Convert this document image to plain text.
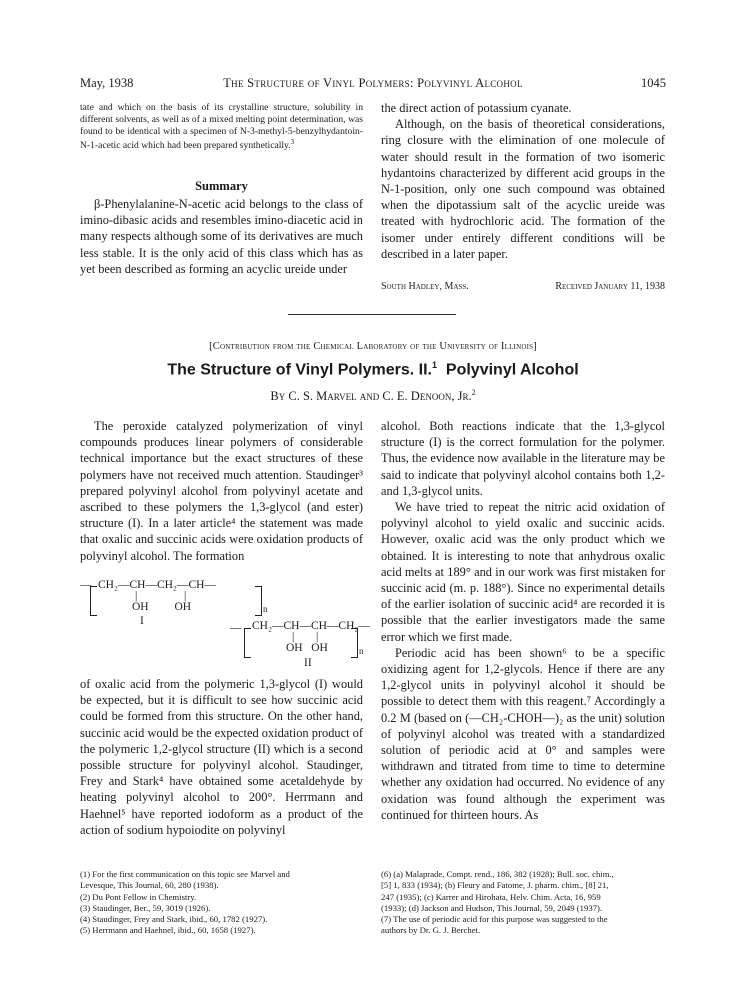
May, 1938	The Structure of Vinyl Polymers: Polyvinyl Alcohol	1045
tate and which on the basis of its crystalline structure, solubility in different solvents, as well as of a mixed melting point determination, was found to be identical with a specimen of N-3-methyl-5-benzylhydantoin-N-1-acetic acid which had been prepared synthetically.$^3$
Summary
β-Phenylalanine-N-acetic acid belongs to the class of imino-dibasic acids and resembles imino-diacetic acid in many respects although some of its derivatives are much less stable. It is the only acid of this class which has as yet been described as forming an acyclic ureide under

the direct action of potassium cyanate.

Although, on the basis of theoretical considerations, ring closure with the elimination of one molecule of water should result in the formation of two isomeric hydantoins characterized by different acid groups in the N-1-position, only one such compound was obtained when the dipotassium salt of the acyclic ureide was treated with hydrochloric acid. The formation of the isomer under entirely different conditions will be described in a later paper.

South Hadley, Mass.	Received January 11, 1938
[Contribution from the Chemical Laboratory of the University of Illinois]
The Structure of Vinyl Polymers. II.$^1$ Polyvinyl Alcohol
By C. S. Marvel and C. E. Denoon, Jr.$^2$
The peroxide catalyzed polymerization of vinyl compounds produces linear polymers of considerable technical importance but the exact structures of these polymers have not received much attention. Staudinger³ prepared polyvinyl alcohol from polyvinyl acetate and ascribed to these polymers the 1,3-glycol (and ester) structure (I). In a later article⁴ the statement was made that oxalic and succinic acids were oxidation products of polyvinyl alcohol. The formation
— CH₂—CH—CH₂—CH—
|	|
OH         OH	n
I
— CH₂—CH—CH—CH₂—
| |
OH   OH	n
II
of oxalic acid from the polymeric 1,3-glycol (I) would be expected, but it is difficult to see how succinic acid could be formed from this structure. On the other hand, succinic acid would be the expected oxidation product of the polymeric 1,2-glycol structure (II) which is a second possible structure for polyvinyl alcohol. Staudinger, Frey and Stark⁴ have obtained some acetaldehyde by heating polyvinyl alcohol to 200°. Herrmann and Haehnel⁵ have reported iodoform as a product of the action of sodium hypoiodite on polyvinyl

alcohol. Both reactions indicate that the 1,3-glycol structure (I) is the correct formulation for the polymer. Thus, the evidence now available in the literature may be said to indicate that polyvinyl alcohol contains both 1,2- and 1,3-glycol units.

We have tried to repeat the nitric acid oxidation of polyvinyl alcohol to yield oxalic and succinic acids. However, oxalic acid was the only product which we obtained. It is interesting to note that anhydrous oxalic acid melts at 189° and in our work was first mistaken for succinic acid (m. p. 188°). Since no experimental details of the earlier isolation of succinic acid⁴ are recorded it is possible that the earlier investigators made the same error which we first made.

Periodic acid has been shown⁶ to be a specific oxidizing agent for 1,2-glycols. Hence if there are any 1,2-glycol units in polyvinyl alcohol it should be possible to detect them with this reagent.⁷ Accordingly a 0.2 M (based on (—CH₂-CHOH—)₂ as the unit) solution of polyvinyl alcohol was treated with a standardized solution of periodic acid at 0° and samples were withdrawn and titrated from time to time to determine whether any oxidation had occurred. No evidence of any oxidation was found although the experiment was continued for thirteen hours. As

(1) For the first communication on this topic see Marvel and
Levesque, This Journal, 60, 280 (1938).
(2) Du Pont Fellow in Chemistry.
(3) Staudinger, Ber., 59, 3019 (1926).
(4) Staudinger, Frey and Stark, ibid., 60, 1782 (1927).
(5) Herrmann and Haehnel, ibid., 60, 1658 (1927).
(6) (a) Malaprade, Compt. rend., 186, 382 (1928); Bull. soc. chim.,
[5] 1, 833 (1934); (b) Fleury and Fatome, J. pharm. chim., [8] 21,
247 (1935); (c) Karrer and Hirohata, Helv. Chim. Acta, 16, 959
(1933); (d) Jackson and Hudson, This Journal, 59, 2049 (1937).
(7) The use of periodic acid for this purpose was suggested to the
authors by Dr. G. J. Berchet.
